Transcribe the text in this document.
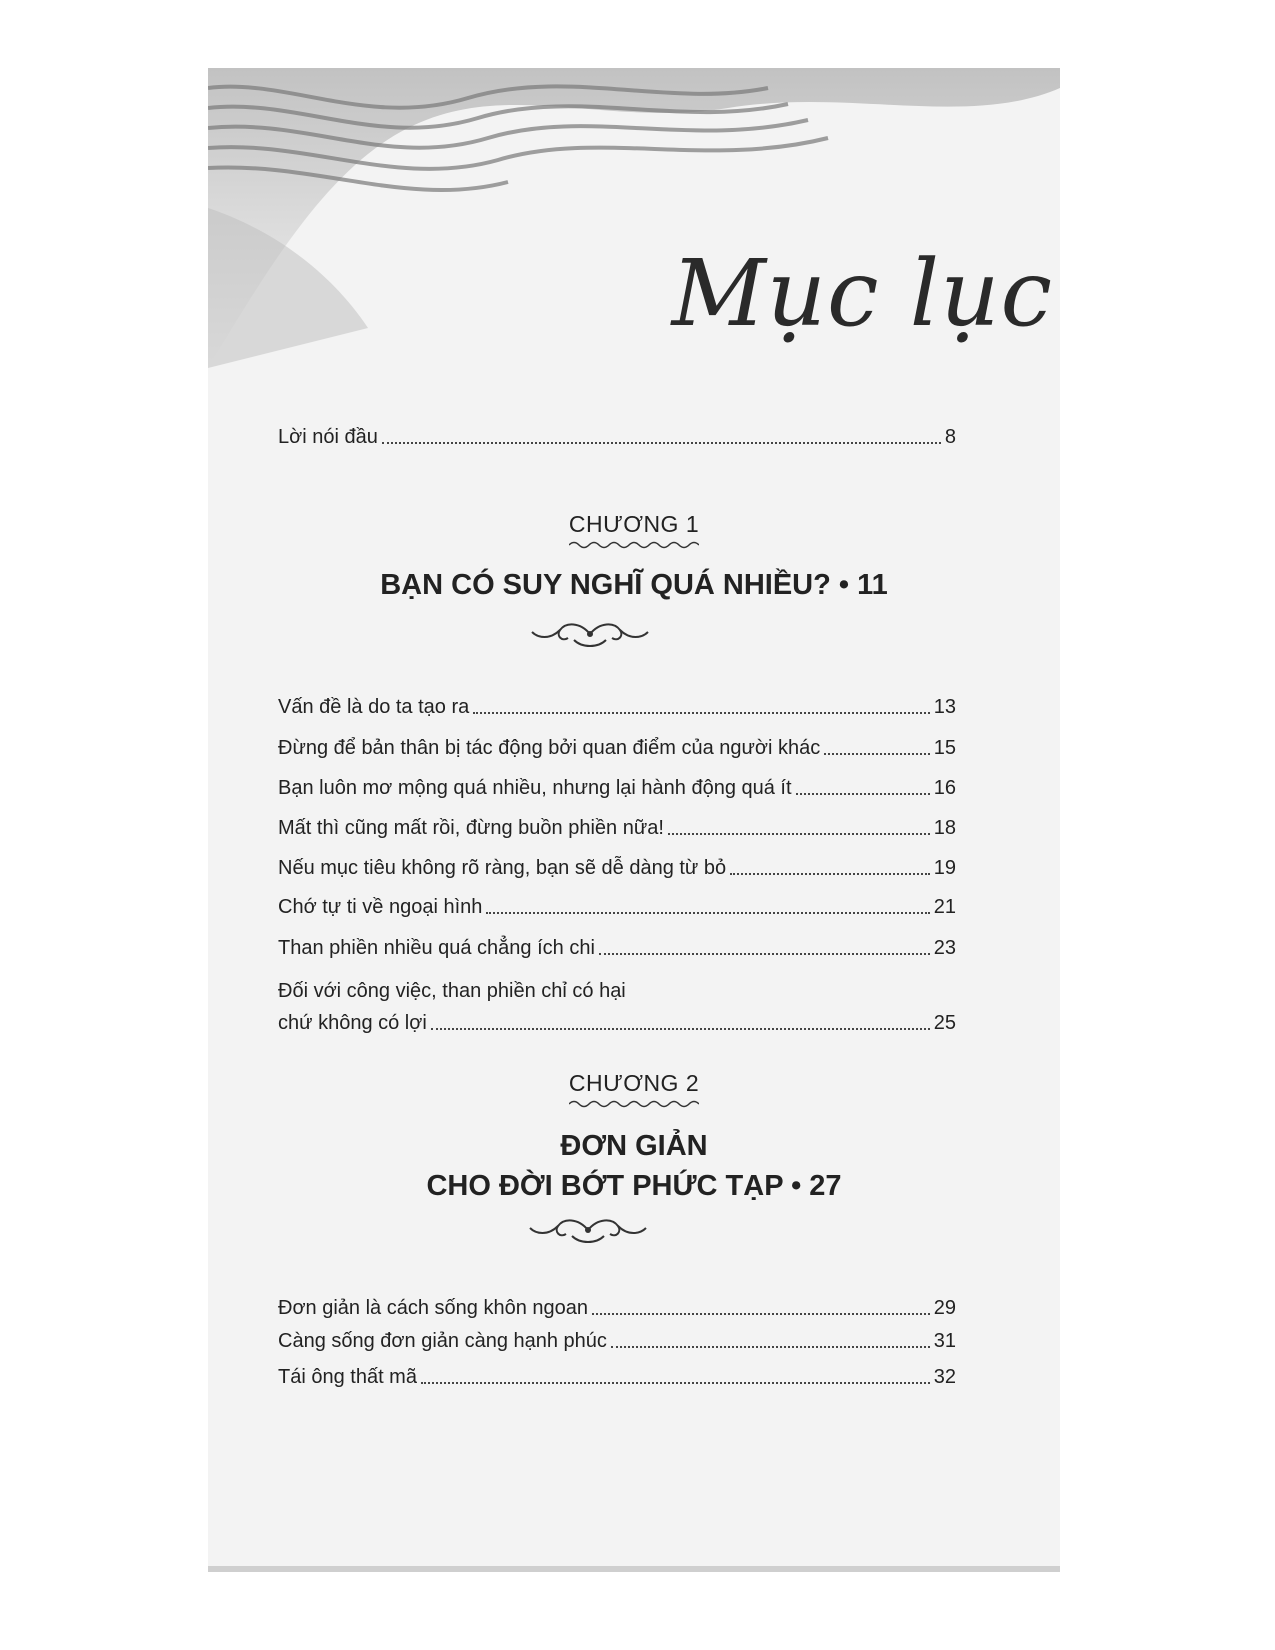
Mục lục
Lời nói đầu	8
CHƯƠNG 1
BẠN CÓ SUY NGHĨ QUÁ NHIỀU? • 11
Vấn đề là do ta tạo ra	13
Đừng để bản thân bị tác động bởi quan điểm của người khác	15
Bạn luôn mơ mộng quá nhiều, nhưng lại hành động quá ít	16
Mất thì cũng mất rồi, đừng buồn phiền nữa!	18
Nếu mục tiêu không rõ ràng, bạn sẽ dễ dàng từ bỏ	19
Chớ tự ti về ngoại hình	21
Than phiền nhiều quá chẳng ích chi	23
Đối với công việc, than phiền chỉ có hại
chứ không có lợi	25
CHƯƠNG 2
ĐƠN GIẢN
CHO ĐỜI BỚT PHỨC TẠP • 27
Đơn giản là cách sống khôn ngoan	29
Càng sống đơn giản càng hạnh phúc	31
Tái ông thất mã	32
